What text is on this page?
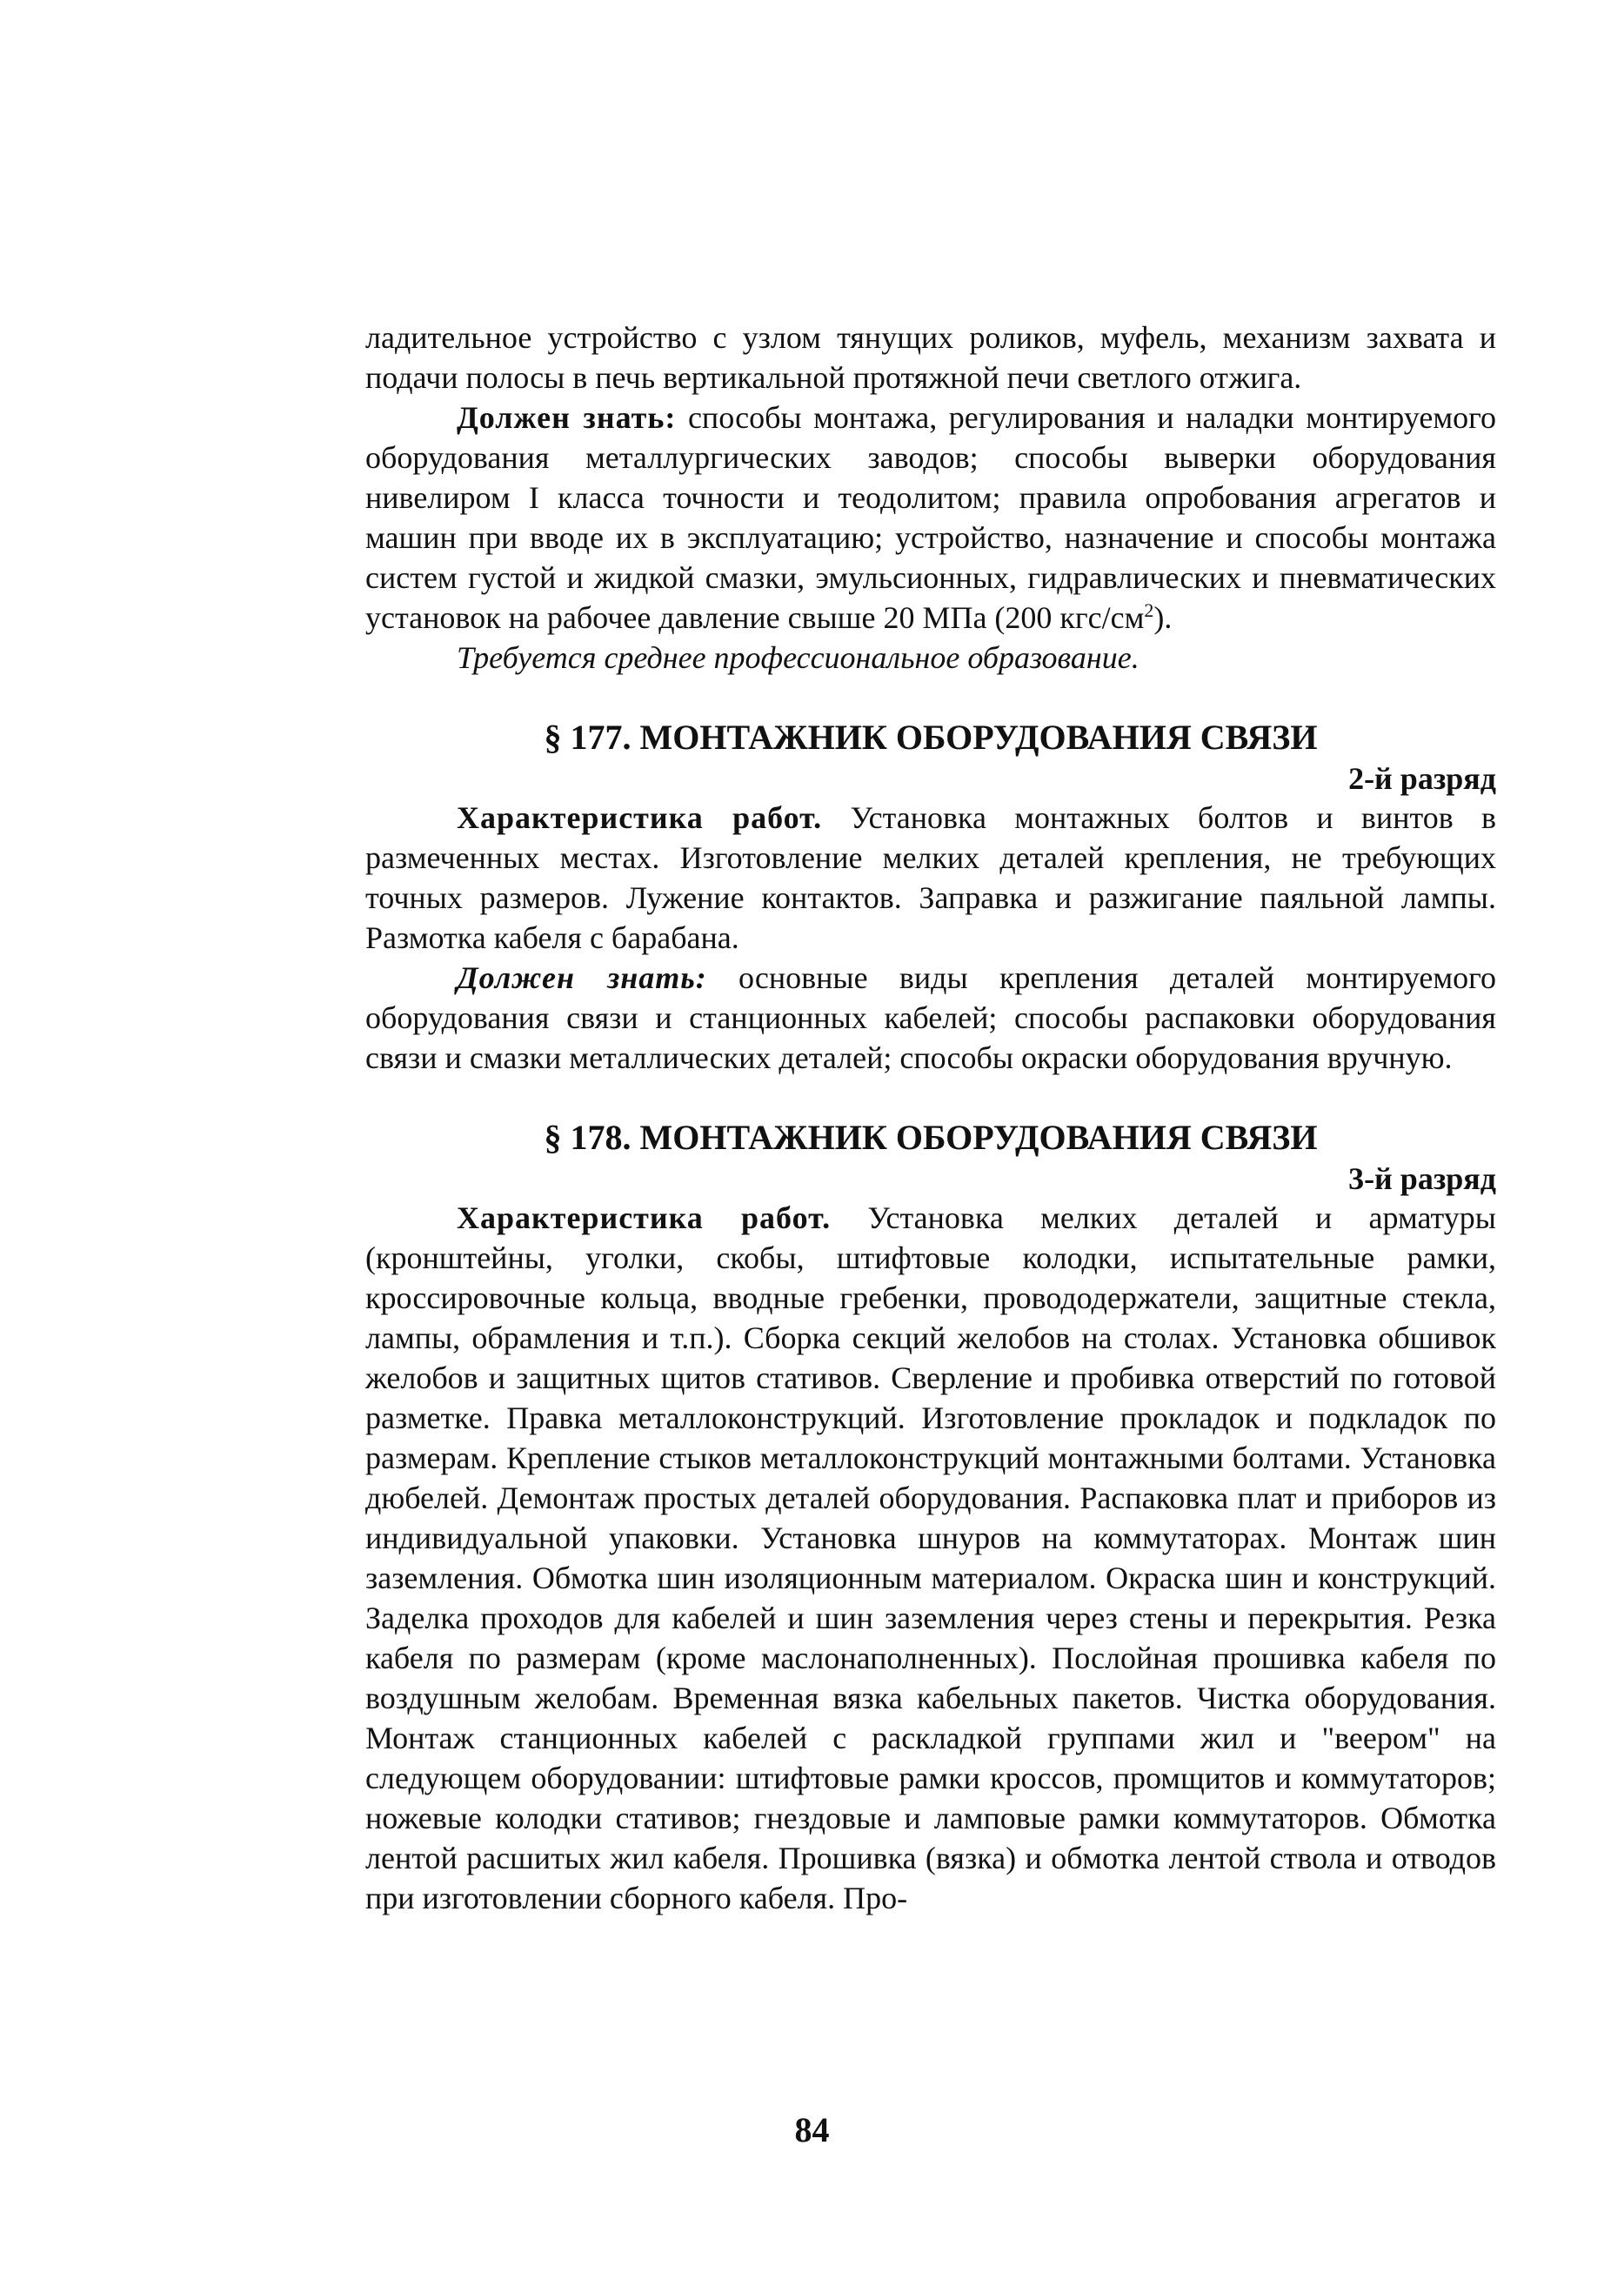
ладительное устройство с узлом тянущих роликов, муфель, механизм захвата и подачи полосы в печь вертикальной протяжной печи светлого отжига.

Должен знать: способы монтажа, регулирования и наладки монтируемого оборудования металлургических заводов; способы выверки оборудования нивелиром I класса точности и теодолитом; правила опробования агрегатов и машин при вводе их в эксплуатацию; устройство, назначение и способы монтажа систем густой и жидкой смазки, эмульсионных, гидравлических и пневматических установок на рабочее давление свыше 20 МПа (200 кгс/$см^2$).

Требуется среднее профессиональное образование.

§ 177. МОНТАЖНИК ОБОРУДОВАНИЯ СВЯЗИ
2-й разряд

Характеристика работ. Установка монтажных болтов и винтов в размеченных местах. Изготовление мелких деталей крепления, не требующих точных размеров. Лужение контактов. Заправка и разжигание паяльной лампы. Размотка кабеля с барабана.

Должен знать: основные виды крепления деталей монтируемого оборудования связи и станционных кабелей; способы распаковки оборудования связи и смазки металлических деталей; способы окраски оборудования вручную.

§ 178. МОНТАЖНИК ОБОРУДОВАНИЯ СВЯЗИ
3-й разряд

Характеристика работ. Установка мелких деталей и арматуры (кронштейны, уголки, скобы, штифтовые колодки, испытательные рамки, кроссировочные кольца, вводные гребенки, провододержатели, защитные стекла, лампы, обрамления и т.п.). Сборка секций желобов на столах. Установка обшивок желобов и защитных щитов стативов. Сверление и пробивка отверстий по готовой разметке. Правка металлоконструкций. Изготовление прокладок и подкладок по размерам. Крепление стыков металлоконструкций монтажными болтами. Установка дюбелей. Демонтаж простых деталей оборудования. Распаковка плат и приборов из индивидуальной упаковки. Установка шнуров на коммутаторах. Монтаж шин заземления. Обмотка шин изоляционным материалом. Окраска шин и конструкций. Заделка проходов для кабелей и шин заземления через стены и перекрытия. Резка кабеля по размерам (кроме маслонаполненных). Послойная прошивка кабеля по воздушным желобам. Временная вязка кабельных пакетов. Чистка оборудования. Монтаж станционных кабелей с раскладкой группами жил и "веером" на следующем оборудовании: штифтовые рамки кроссов, промщитов и коммутаторов; ножевые колодки стативов; гнездовые и ламповые рамки коммутаторов. Обмотка лентой расшитых жил кабеля. Прошивка (вязка) и обмотка лентой ствола и отводов при изготовлении сборного кабеля. Про-

84
